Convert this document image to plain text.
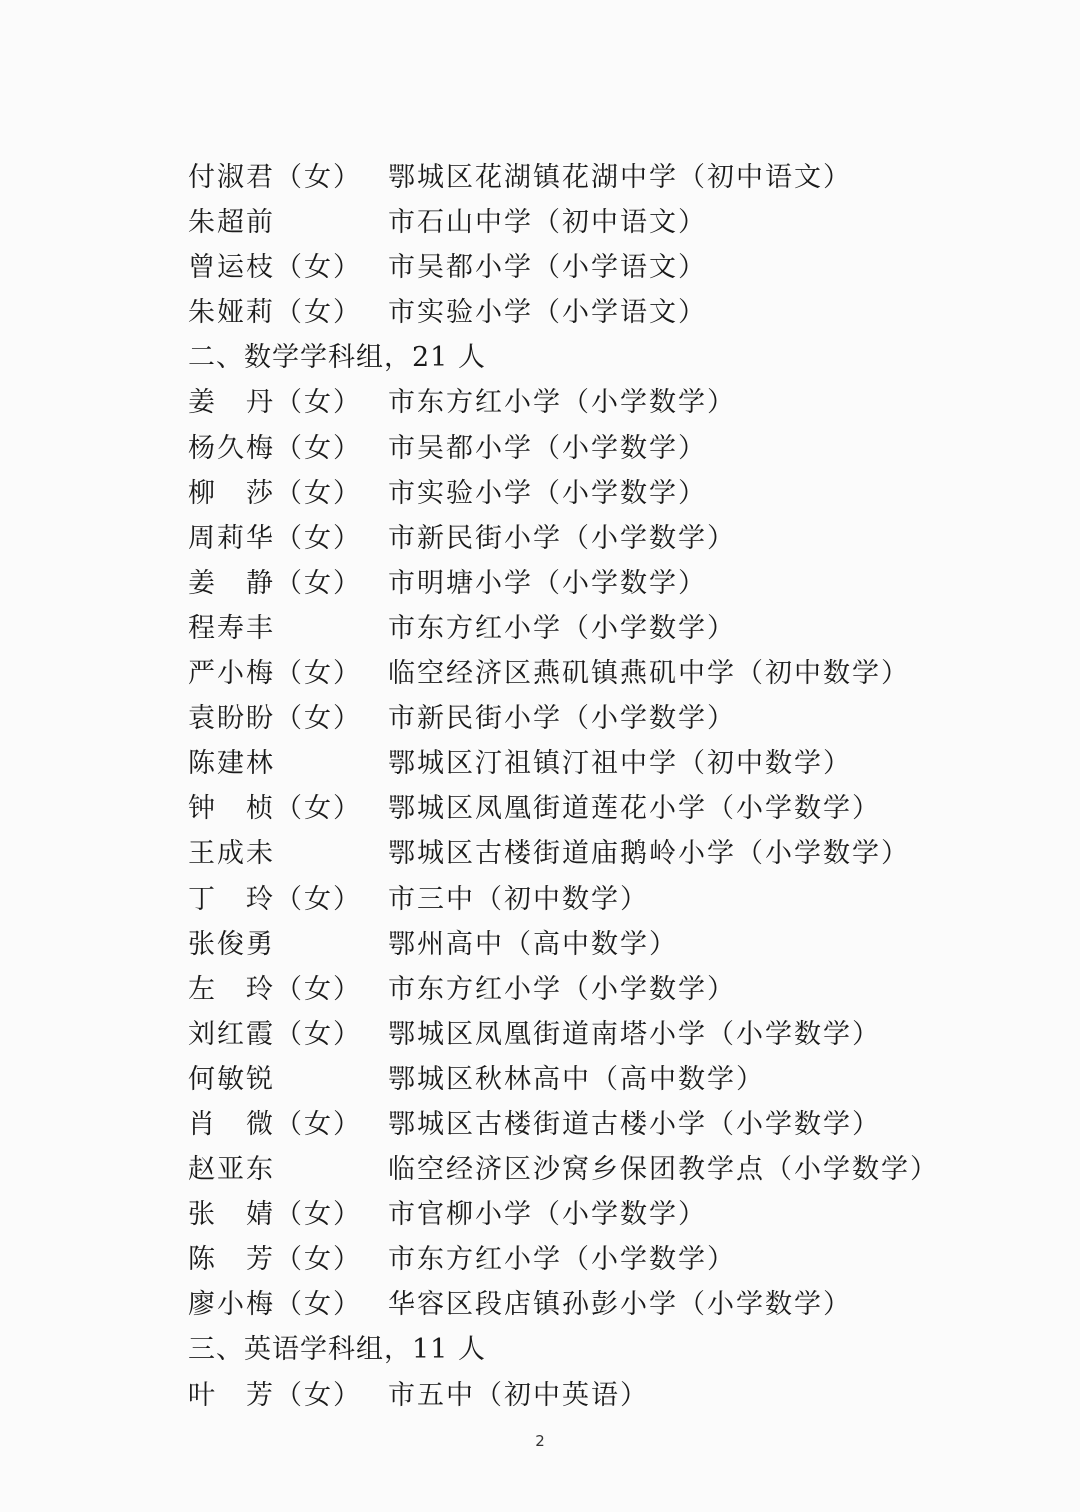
付淑君（女） 鄂城区花湖镇花湖中学（初中语文）
朱超前	市石山中学（初中语文）
曾运枝（女） 市吴都小学（小学语文）
朱娅莉（女） 市实验小学（小学语文）
二、数学学科组，21 人
姜　丹（女） 市东方红小学（小学数学）
杨久梅（女） 市吴都小学（小学数学）
柳　莎（女） 市实验小学（小学数学）
周莉华（女） 市新民街小学（小学数学）
姜　静（女） 市明塘小学（小学数学）
程寿丰	市东方红小学（小学数学）
严小梅（女） 临空经济区燕矶镇燕矶中学（初中数学）
袁盼盼（女） 市新民街小学（小学数学）
陈建林	鄂城区汀祖镇汀祖中学（初中数学）
钟　桢（女） 鄂城区凤凰街道莲花小学（小学数学）
王成未	鄂城区古楼街道庙鹅岭小学（小学数学）
丁　玲（女） 市三中（初中数学）
张俊勇	鄂州高中（高中数学）
左　玲（女） 市东方红小学（小学数学）
刘红霞（女） 鄂城区凤凰街道南塔小学（小学数学）
何敏锐	鄂城区秋林高中（高中数学）
肖　微（女） 鄂城区古楼街道古楼小学（小学数学）
赵亚东	临空经济区沙窝乡保团教学点（小学数学）
张　婧（女） 市官柳小学（小学数学）
陈　芳（女） 市东方红小学（小学数学）
廖小梅（女） 华容区段店镇孙彭小学（小学数学）
三、英语学科组，11 人
叶　芳（女） 市五中（初中英语）
2
